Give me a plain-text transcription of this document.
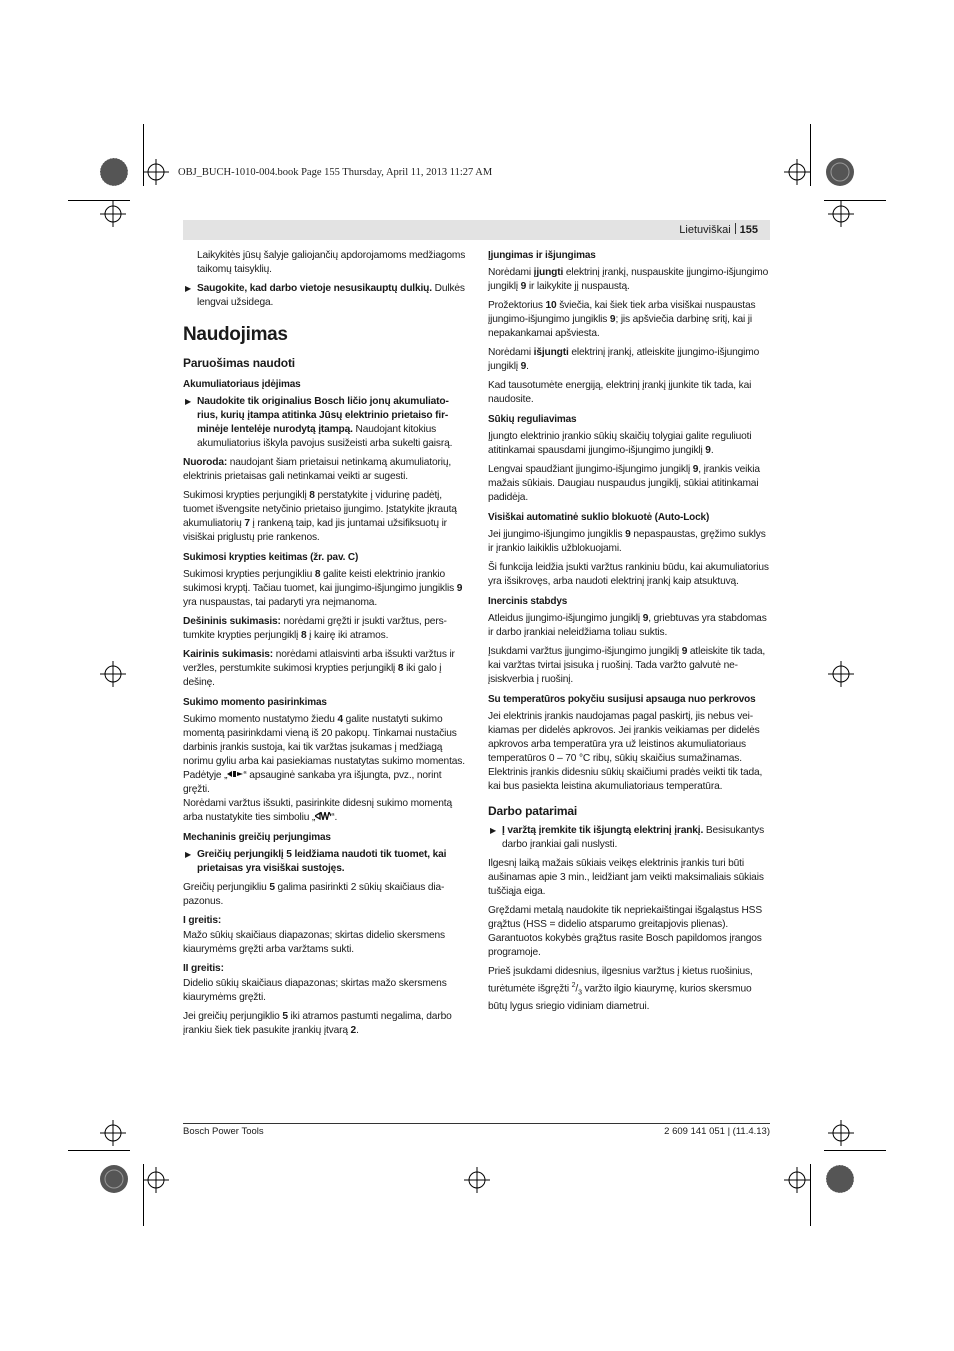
OBJ_BUCH-1010-004.book Page 155 Thursday, April 11, 2013 11:27 AM
Lietuviškai 155

Laikykitės jūsų šalyje galiojančių apdorojamoms medžiagoms taikomų taisyklių.

▶ Saugokite, kad darbo vietoje nesusikauptų dulkių. Dulkės lengvai užsidega.

Naudojimas
Paruošimas naudoti
Akumuliatoriaus įdėjimas

▶ Naudokite tik originalius Bosch ličio jonų akumuliatorius, kurių įtampa atitinka Jūsų elektrinio prietaiso firminėje lentelėje nurodytą įtampą. Naudojant kitokius akumuliatorius iškyla pavojus susižeisti arba sukelti gaisrą.

Nuoroda: naudojant šiam prietaisui netinkamą akumuliatorių, elektrinis prietaisas gali netinkamai veikti ar sugesti.

Sukimosi krypties perjungiklį 8 perstatykite į vidurinę padėtį, tuomet išvengsite netyčinio prietaiso įjungimo. Įstatykite įkrautą akumuliatorių 7 į rankeną taip, kad jis juntamai užsifiksuotų ir visiškai priglustų prie rankenos.

Sukimosi krypties keitimas (žr. pav. C)

Sukimosi krypties perjungikliu 8 galite keisti elektrinio įrankio sukimosi kryptį. Tačiau tuomet, kai įjungimo-išjungimo jungiklis 9 yra nuspaustas, tai padaryti yra neįmanoma.

Dešininis sukimasis: norėdami gręžti ir įsukti varžtus, perstumkite krypties perjungiklį 8 į kairę iki atramos.

Kairinis sukimasis: norėdami atlaisvinti arba išsukti varžtus ir veržles, perstumkite sukimosi krypties perjungiklį 8 iki galo į dešinę.

Sukimo momento pasirinkimas

Sukimo momento nustatymo žiedu 4 galite nustatyti sukimo momentą pasirinkdami vieną iš 20 pakopų. Tinkamai nustačius darbinis įrankis sustoja, kai tik varžtas įsukamas į medžiagą norimu gyliu arba kai pasiekiamas nustatytas sukimo momentas. Padėtyje „ “ apsauginė sankaba yra išjungta, pvz., norint gręžti.

Norėdami varžtus išsukti, pasirinkite didesnį sukimo momentą arba nustatykite ties simboliu „ “.

Mechaninis greičių perjungimas

▶ Greičių perjungiklį 5 leidžiama naudoti tik tuomet, kai prietaisas yra visiškai sustojęs.

Greičių perjungikliu 5 galima pasirinkti 2 sūkių skaičiaus diapazonus.

I greitis:

Mažo sūkių skaičiaus diapazonas; skirtas didelio skersmens kiaurymėms gręžti arba varžtams sukti.

II greitis:

Didelio sūkių skaičiaus diapazonas; skirtas mažo skersmens kiaurymėms gręžti.

Jei greičių perjungiklio 5 iki atramos pastumti negalima, darbo įrankiu šiek tiek pasukite įrankių įtvarą 2.

Įjungimas ir išjungimas

Norėdami įjungti elektrinį įrankį, nuspauskite įjungimo-išjungimo jungiklį 9 ir laikykite jį nuspaustą.

Prožektorius 10 šviečia, kai šiek tiek arba visiškai nuspaustas įjungimo-išjungimo jungiklis 9; jis apšviečia darbinę sritį, kai ji nepakankamai apšviesta.

Norėdami išjungti elektrinį įrankį, atleiskite įjungimo-išjungimo jungiklį 9.

Kad tausotumėte energiją, elektrinį įrankį įjunkite tik tada, kai naudosite.

Sūkių reguliavimas

Įjungto elektrinio įrankio sūkių skaičių tolygiai galite reguliuoti atitinkamai spausdami įjungimo-išjungimo jungiklį 9.

Lengvai spaudžiant įjungimo-išjungimo jungiklį 9, įrankis veikia mažais sūkiais. Daugiau nuspaudus jungiklį, sūkiai atitinkamai padidėja.

Visiškai automatinė suklio blokuotė (Auto-Lock)

Jei įjungimo-išjungimo jungiklis 9 nepaspaustas, gręžimo suklys ir įrankio laikiklis užblokuojami.

Ši funkcija leidžia įsukti varžtus rankiniu būdu, kai akumuliatorius yra išsikrovęs, arba naudoti elektrinį įrankį kaip atsuktuvą.

Inercinis stabdys

Atleidus įjungimo-išjungimo jungiklį 9, griebtuvas yra stabdomas ir darbo įrankiai neleidžiama toliau suktis.

Įsukdami varžtus įjungimo-išjungimo jungiklį 9 atleiskite tik tada, kai varžtas tvirtai įsisuka į ruošinį. Tada varžto galvutė neįsiskverbia į ruošinį.

Su temperatūros pokyčiu susijusi apsauga nuo perkrovos

Jei elektrinis įrankis naudojamas pagal paskirtį, jis nebus veikiamas per didelės apkrovos. Jei įrankis veikiamas per didelės apkrovos arba temperatūra yra už leistinos akumuliatoriaus temperatūros 0 – 70 °C ribų, sūkių skaičius sumažinamas. Elektrinis įrankis didesniu sūkių skaičiumi pradės veikti tik tada, kai bus pasiekta leistina akumuliatoriaus temperatūra.

Darbo patarimai

▶ Į varžtą įremkite tik išjungtą elektrinį įrankį. Besisukantys darbo įrankiai gali nuslysti.

Ilgesnį laiką mažais sūkiais veikęs elektrinis įrankis turi būti aušinamas apie 3 min., leidžiant jam veikti maksimaliais sūkiais tuščiąja eiga.

Gręždami metalą naudokite tik nepriekaištingai išgaląstus HSS grąžtus (HSS = didelio atsparumo greitapjovis plienas). Garantuotos kokybės grąžtus rasite Bosch papildomos įrangos programoje.

Prieš įsukdami didesnius, ilgesnius varžtus į kietus ruošinius, turėtumėte išgręžti $^2/_3$ varžto ilgio kiaurymę, kurios skersmuo būtų lygus sriegio vidiniam diametrui.

Bosch Power Tools	2 609 141 051 | (11.4.13)
